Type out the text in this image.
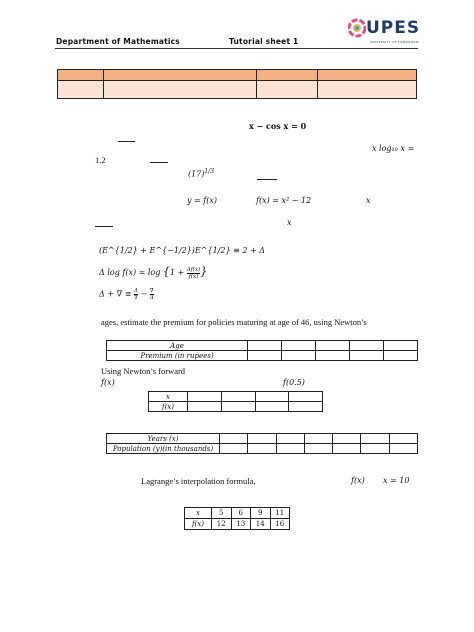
Department of Mathematics	Tutorial sheet 1
UPES
UNIVERSITY OF TOMORROW

x − cos x = 0
x log₁₀ x =
1.2
$(17)^{1/3}$
y = f(x)	f(x) = x² − 12	x
x
(E^{1/2} + E^{−1/2})E^{1/2} ≡ 2 + Δ
Δ $\log f(x) = \log \{1 + \frac{\Delta f(x)}{f(x)}$ }
Δ + ∇ ≡ Δ
∇ − ∇
Δ
ages, estimate the premium for policies maturing at age of 46, using Newton’s
Age					
Premium (in rupees)					
Using Newton’s forward
f(x)	f(0.5)
x				
f(x)				
Years (x)							
Population (y)(in thousands)							
Lagrange’s interpolation formula,	f(x) x = 10
x	5	6	9	11
f(x)	12	13	14	16
